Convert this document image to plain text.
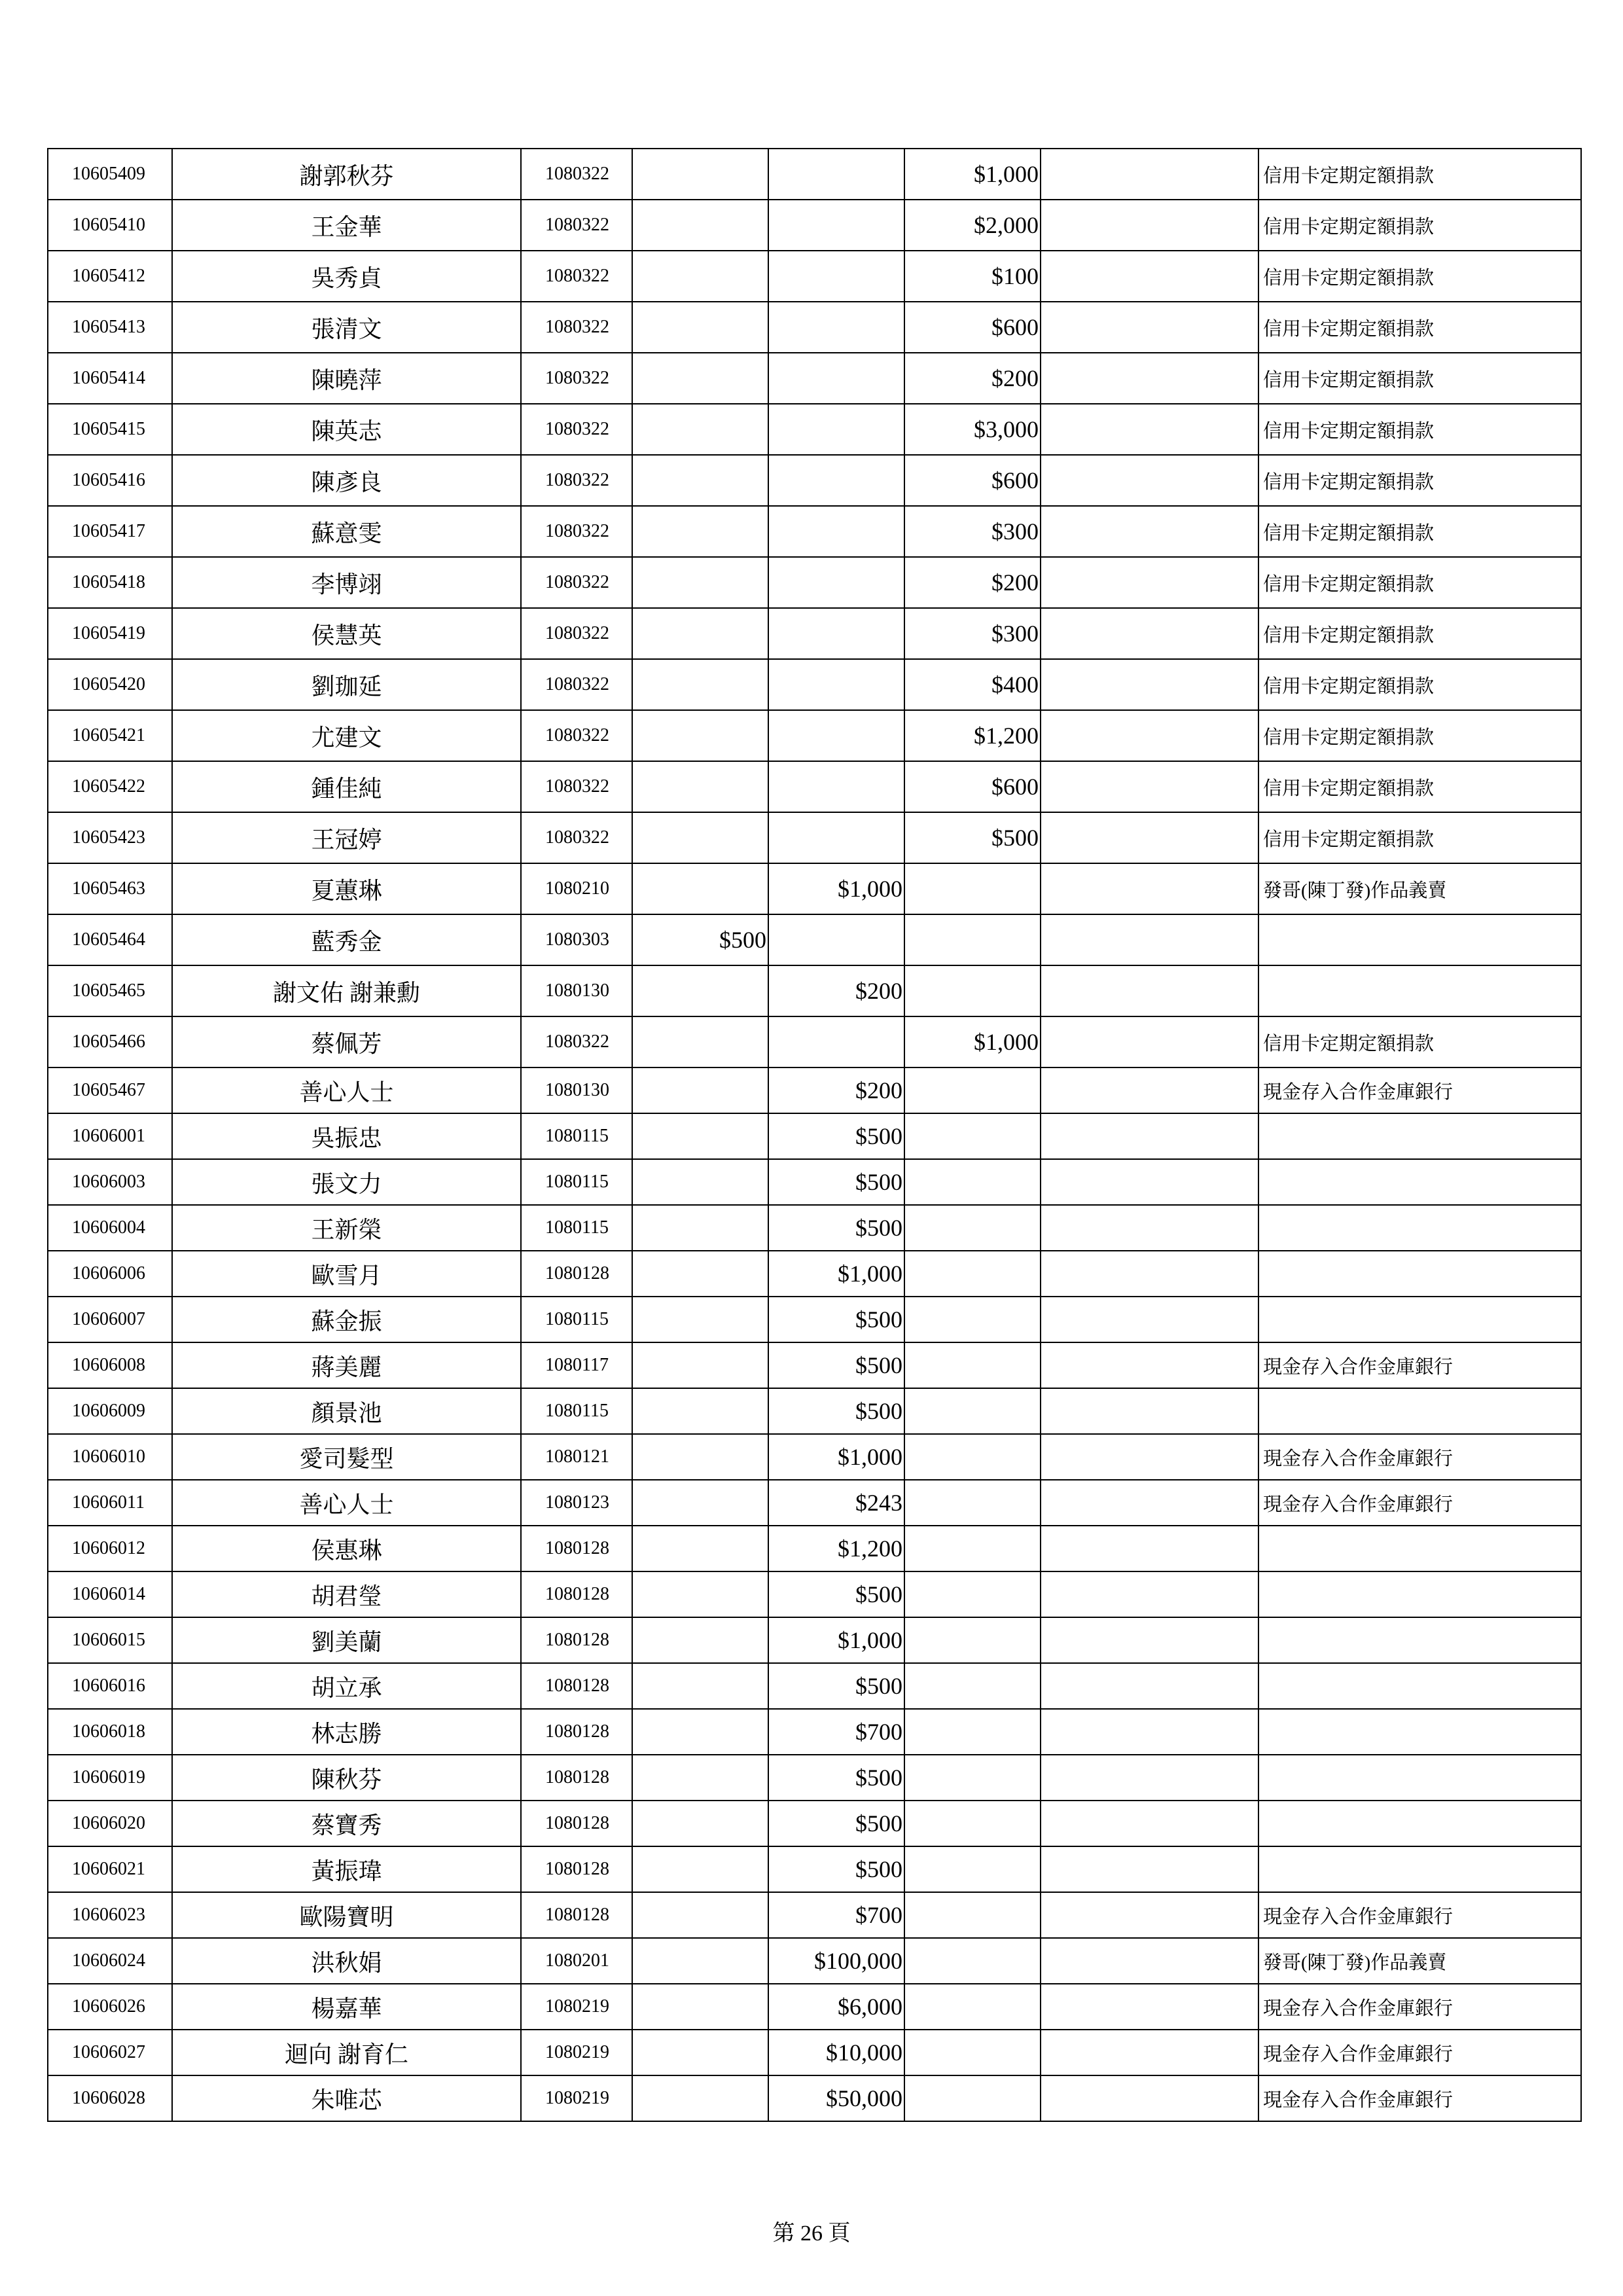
10605409	謝郭秋芬	1080322			$1,000		信用卡定期定額捐款
10605410	王金華	1080322			$2,000		信用卡定期定額捐款
10605412	吳秀貞	1080322			$100		信用卡定期定額捐款
10605413	張清文	1080322			$600		信用卡定期定額捐款
10605414	陳曉萍	1080322			$200		信用卡定期定額捐款
10605415	陳英志	1080322			$3,000		信用卡定期定額捐款
10605416	陳彥良	1080322			$600		信用卡定期定額捐款
10605417	蘇意雯	1080322			$300		信用卡定期定額捐款
10605418	李博翊	1080322			$200		信用卡定期定額捐款
10605419	侯慧英	1080322			$300		信用卡定期定額捐款
10605420	劉珈延	1080322			$400		信用卡定期定額捐款
10605421	尤建文	1080322			$1,200		信用卡定期定額捐款
10605422	鍾佳純	1080322			$600		信用卡定期定額捐款
10605423	王冠婷	1080322			$500		信用卡定期定額捐款
10605463	夏蕙琳	1080210		$1,000			發哥(陳丁發)作品義賣
10605464	藍秀金	1080303	$500				
10605465	謝文佑 謝兼勳	1080130		$200			
10605466	蔡佩芳	1080322			$1,000		信用卡定期定額捐款
10605467	善心人士	1080130		$200			現金存入合作金庫銀行
10606001	吳振忠	1080115		$500			
10606003	張文力	1080115		$500			
10606004	王新榮	1080115		$500			
10606006	歐雪月	1080128		$1,000			
10606007	蘇金振	1080115		$500			
10606008	蔣美麗	1080117		$500			現金存入合作金庫銀行
10606009	顏景池	1080115		$500			
10606010	愛司髮型	1080121		$1,000			現金存入合作金庫銀行
10606011	善心人士	1080123		$243			現金存入合作金庫銀行
10606012	侯惠琳	1080128		$1,200			
10606014	胡君瑩	1080128		$500			
10606015	劉美蘭	1080128		$1,000			
10606016	胡立承	1080128		$500			
10606018	林志勝	1080128		$700			
10606019	陳秋芬	1080128		$500			
10606020	蔡寶秀	1080128		$500			
10606021	黃振瑋	1080128		$500			
10606023	歐陽寶明	1080128		$700			現金存入合作金庫銀行
10606024	洪秋娟	1080201		$100,000			發哥(陳丁發)作品義賣
10606026	楊嘉華	1080219		$6,000			現金存入合作金庫銀行
10606027	迴向 謝育仁	1080219		$10,000			現金存入合作金庫銀行
10606028	朱唯芯	1080219		$50,000			現金存入合作金庫銀行
第 26 頁
